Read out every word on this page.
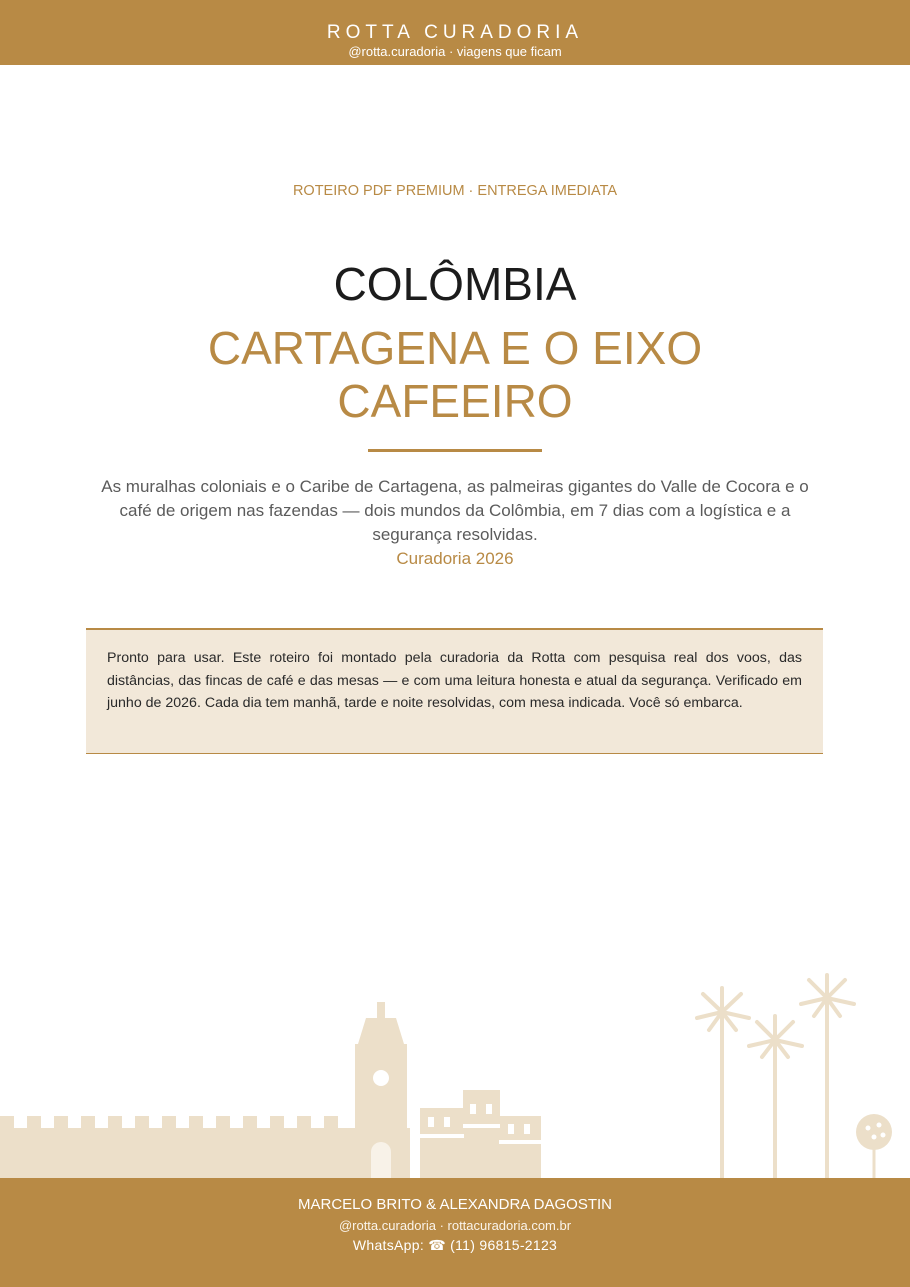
ROTTA CURADORIA
@rotta.curadoria · viagens que ficam
ROTEIRO PDF PREMIUM · ENTREGA IMEDIATA
COLÔMBIA
CARTAGENA E O EIXO CAFEEIRO
As muralhas coloniais e o Caribe de Cartagena, as palmeiras gigantes do Valle de Cocora e o café de origem nas fazendas — dois mundos da Colômbia, em 7 dias com a logística e a segurança resolvidas.
Curadoria 2026

Pronto para usar. Este roteiro foi montado pela curadoria da Rotta com pesquisa real dos voos, das distâncias, das fincas de café e das mesas — e com uma leitura honesta e atual da segurança. Verificado em junho de 2026. Cada dia tem manhã, tarde e noite resolvidas, com mesa indicada. Você só embarca.

MARCELO BRITO & ALEXANDRA DAGOSTIN
@rotta.curadoria · rottacuradoria.com.br
WhatsApp: ☎ (11) 96815-2123
